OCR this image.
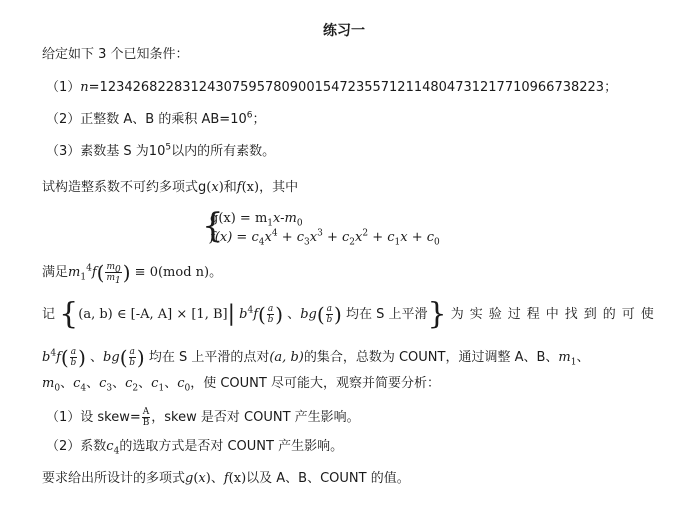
练习一
给定如下 3 个已知条件：
（1）n=1234268228312430759578090015472355712114804731217710966738223；
（2）正整数 A、B 的乘积 $AB=10^6$；
（3）素数基 S 为$10^5$以内的所有素数。
试构造整系数不可约多项式g(x)和f(x)，其中
{
$g(x) = m_1x-m_0$
$f(x) = c_4x^4 + c_3x^3 + c_2x^2 + c_1x + c_0$
满足$m_1^4f( \frac{m_0}{m_1}$ ) ≡ 0(mod n)。
记 {(a, b) ∈ [-A, A] × [1, B]| $b^4f( \frac{a}{b}$ ) 、$bg( \frac{a}{b}$ ) 均在 S 上平滑} 为实验过程中找到的可使
$b^4f( \frac{a}{b}$ ) 、$bg( \frac{a}{b}$ ) 均在 S 上平滑的点对(a, b)的集合，总数为 COUNT，通过调整 A、B、$m_1$、
$m_0$、$c_4$、$c_3$、$c_2$、$c_1$、$c_0$，使 COUNT 尽可能大，观察并简要分析：
（1）设 skew= $\frac{A}{B}$ ，skew 是否对 COUNT 产生影响。
（2）系数$c_4$的选取方式是否对 COUNT 产生影响。
要求给出所设计的多项式g(x)、f(x)以及 A、B、COUNT 的值。
